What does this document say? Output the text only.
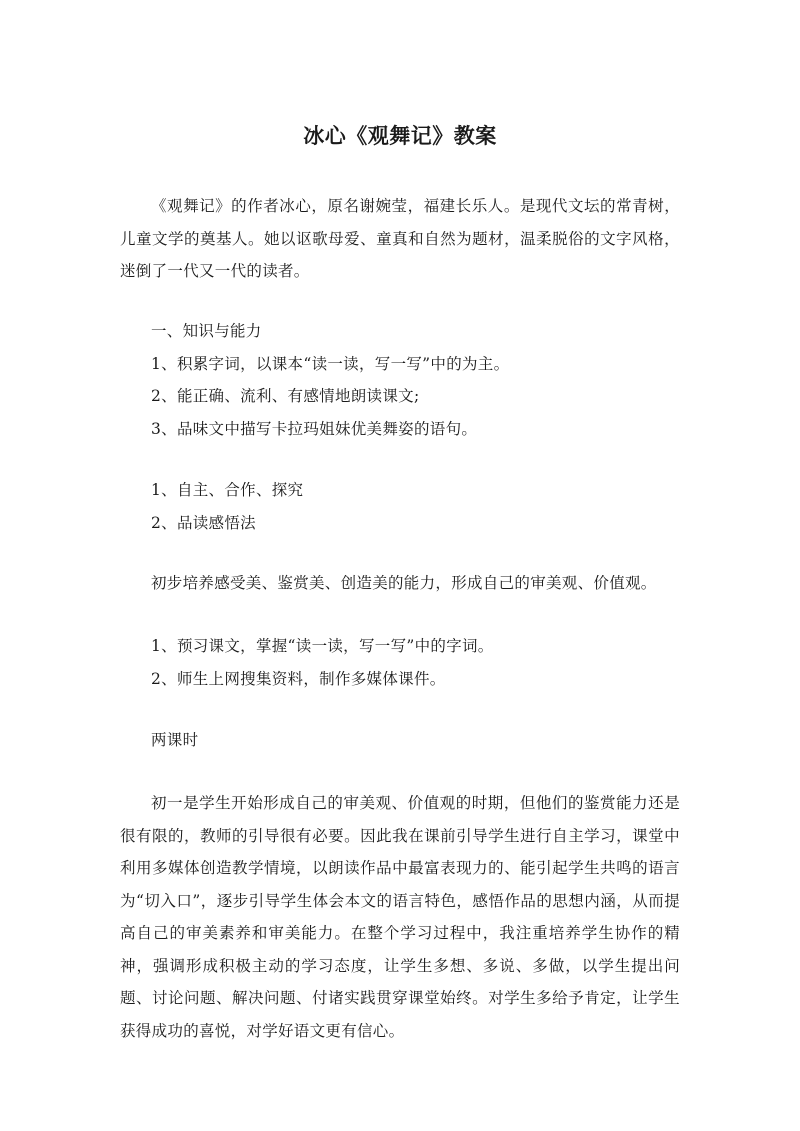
冰心《观舞记》教案

《观舞记》的作者冰心，原名谢婉莹，福建长乐人。是现代文坛的常青树，儿童文学的奠基人。她以讴歌母爱、童真和自然为题材，温柔脱俗的文字风格，迷倒了一代又一代的读者。

一、知识与能力

1、积累字词，以课本“读一读，写一写”中的为主。

2、能正确、流利、有感情地朗读课文;

3、品味文中描写卡拉玛姐妹优美舞姿的语句。

1、自主、合作、探究

2、品读感悟法

初步培养感受美、鉴赏美、创造美的能力，形成自己的审美观、价值观。

1、预习课文，掌握“读一读，写一写”中的字词。

2、师生上网搜集资料，制作多媒体课件。

两课时

初一是学生开始形成自己的审美观、价值观的时期，但他们的鉴赏能力还是很有限的，教师的引导很有必要。因此我在课前引导学生进行自主学习，课堂中利用多媒体创造教学情境，以朗读作品中最富表现力的、能引起学生共鸣的语言为“切入口”，逐步引导学生体会本文的语言特色，感悟作品的思想内涵，从而提高自己的审美素养和审美能力。在整个学习过程中，我注重培养学生协作的精神，强调形成积极主动的学习态度，让学生多想、多说、多做，以学生提出问题、讨论问题、解决问题、付诸实践贯穿课堂始终。对学生多给予肯定，让学生获得成功的喜悦，对学好语文更有信心。
